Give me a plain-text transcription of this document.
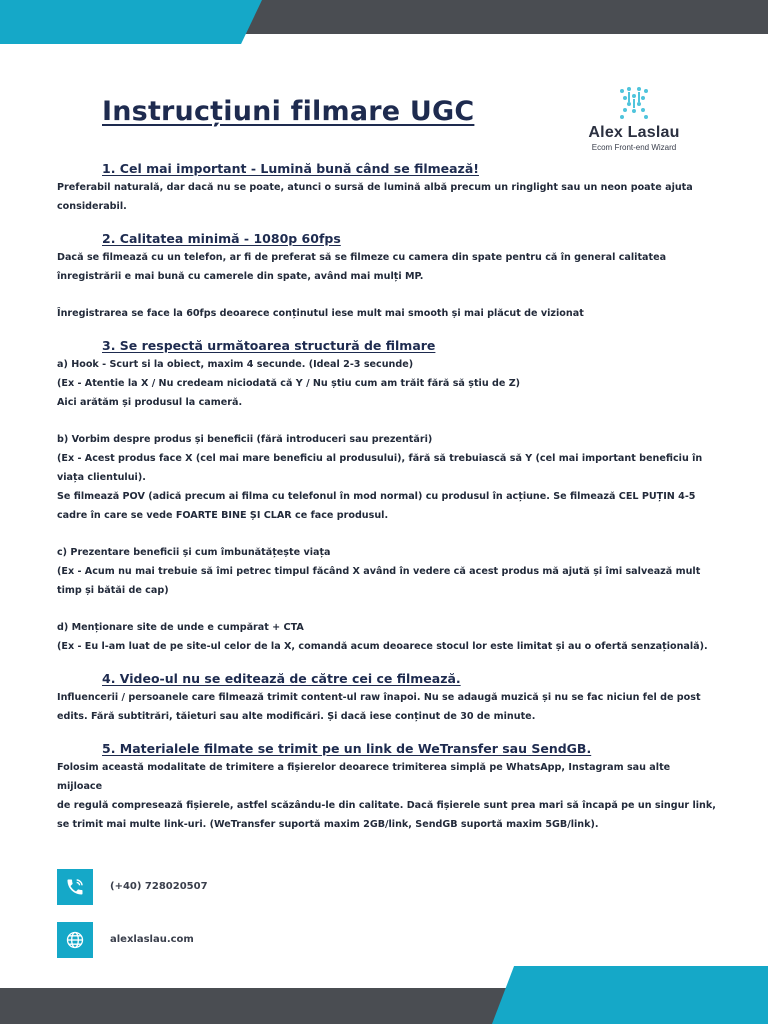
Instrucțiuni filmare UGC
Alex Laslau
Ecom Front-end Wizard
1. Cel mai important - Lumină bună când se filmează!

Preferabil naturală, dar dacă nu se poate, atunci o sursă de lumină albă precum un ringlight sau un neon poate ajuta

considerabil.

2. Calitatea minimă - 1080p 60fps

Dacă se filmează cu un telefon, ar fi de preferat să se filmeze cu camera din spate pentru că în general calitatea

înregistrării e mai bună cu camerele din spate, având mai mulți MP.

Înregistrarea se face la 60fps deoarece conținutul iese mult mai smooth și mai plăcut de vizionat

3. Se respectă următoarea structură de filmare

a) Hook - Scurt si la obiect, maxim 4 secunde. (Ideal 2-3 secunde)

(Ex - Atentie la X / Nu credeam niciodată că Y / Nu știu cum am trăit fără să știu de Z)

Aici arătăm și produsul la cameră.

b) Vorbim despre produs și beneficii (fără introduceri sau prezentări)

(Ex - Acest produs face X (cel mai mare beneficiu al produsului), fără să trebuiască să Y (cel mai important beneficiu în

viața clientului).

Se filmează POV (adică precum ai filma cu telefonul în mod normal) cu produsul în acțiune. Se filmează CEL PUȚIN 4-5

cadre în care se vede FOARTE BINE ȘI CLAR ce face produsul.

c) Prezentare beneficii și cum îmbunătățește viața

(Ex - Acum nu mai trebuie să îmi petrec timpul făcând X având în vedere că acest produs mă ajută și îmi salvează mult

timp și bătăi de cap)

d) Menționare site de unde e cumpărat + CTA

(Ex - Eu l-am luat de pe site-ul celor de la X, comandă acum deoarece stocul lor este limitat și au o ofertă senzațională).

4. Video-ul nu se editează de către cei ce filmează.

Influencerii / persoanele care filmează trimit content-ul raw înapoi. Nu se adaugă muzică și nu se fac niciun fel de post

edits. Fără subtitrări, tăieturi sau alte modificări. Și dacă iese conținut de 30 de minute.

5. Materialele filmate se trimit pe un link de WeTransfer sau SendGB.

Folosim această modalitate de trimitere a fișierelor deoarece trimiterea simplă pe WhatsApp, Instagram sau alte mijloace

de regulă compresează fișierele, astfel scăzându-le din calitate. Dacă fișierele sunt prea mari să încapă pe un singur link,

se trimit mai multe link-uri. (WeTransfer suportă maxim 2GB/link, SendGB suportă maxim 5GB/link).

(+40) 728020507
alexlaslau.com
